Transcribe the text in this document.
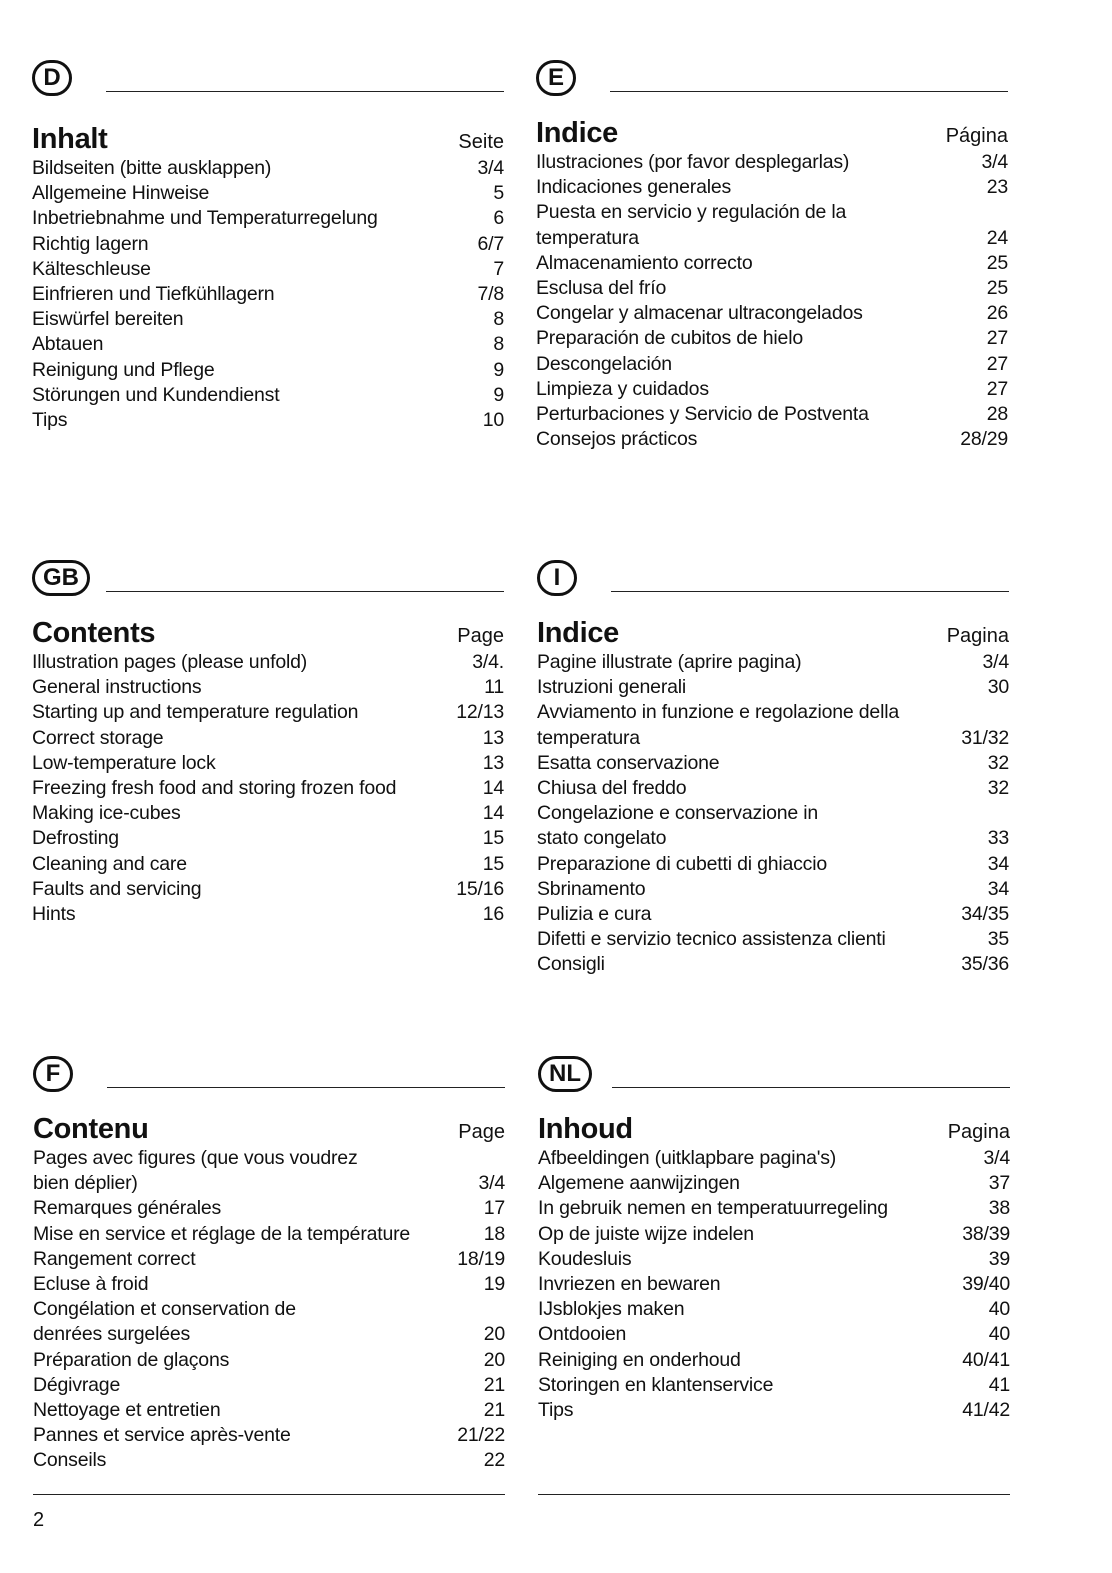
D
Inhalt	Seite
Bildseiten (bitte ausklappen)	3/4
Allgemeine Hinweise	5
Inbetriebnahme und Temperaturregelung	6
Richtig lagern	6/7
Kälteschleuse	7
Einfrieren und Tiefkühllagern	7/8
Eiswürfel bereiten	8
Abtauen	8
Reinigung und Pflege	9
Störungen und Kundendienst	9
Tips	10
E
Indice	Página
Ilustraciones (por favor desplegarlas)	3/4
Indicaciones generales	23
Puesta en servicio y regulación de la
temperatura	24
Almacenamiento correcto	25
Esclusa del frío	25
Congelar y almacenar ultracongelados	26
Preparación de cubitos de hielo	27
Descongelación	27
Limpieza y cuidados	27
Perturbaciones y Servicio de Postventa	28
Consejos prácticos	28/29
GB
Contents	Page
Illustration pages (please unfold)	3/4.
General instructions	11
Starting up and temperature regulation	12/13
Correct storage	13
Low-temperature lock	13
Freezing fresh food and storing frozen food	14
Making ice-cubes	14
Defrosting	15
Cleaning and care	15
Faults and servicing	15/16
Hints	16
I
Indice	Pagina
Pagine illustrate (aprire pagina)	3/4
Istruzioni generali	30
Avviamento in funzione e regolazione della
temperatura	31/32
Esatta conservazione	32
Chiusa del freddo	32
Congelazione e conservazione in
stato congelato	33
Preparazione di cubetti di ghiaccio	34
Sbrinamento	34
Pulizia e cura	34/35
Difetti e servizio tecnico assistenza clienti	35
Consigli	35/36
F
Contenu	Page
Pages avec figures (que vous voudrez
bien déplier)	3/4
Remarques générales	17
Mise en service et réglage de la température	18
Rangement correct	18/19
Ecluse à froid	19
Congélation et conservation de
denrées surgelées	20
Préparation de glaçons	20
Dégivrage	21
Nettoyage et entretien	21
Pannes et service après-vente	21/22
Conseils	22
NL
Inhoud	Pagina
Afbeeldingen (uitklapbare pagina's)	3/4
Algemene aanwijzingen	37
In gebruik nemen en temperatuurregeling	38
Op de juiste wijze indelen	38/39
Koudesluis	39
Invriezen en bewaren	39/40
IJsblokjes maken	40
Ontdooien	40
Reiniging en onderhoud	40/41
Storingen en klantenservice	41
Tips	41/42
2
